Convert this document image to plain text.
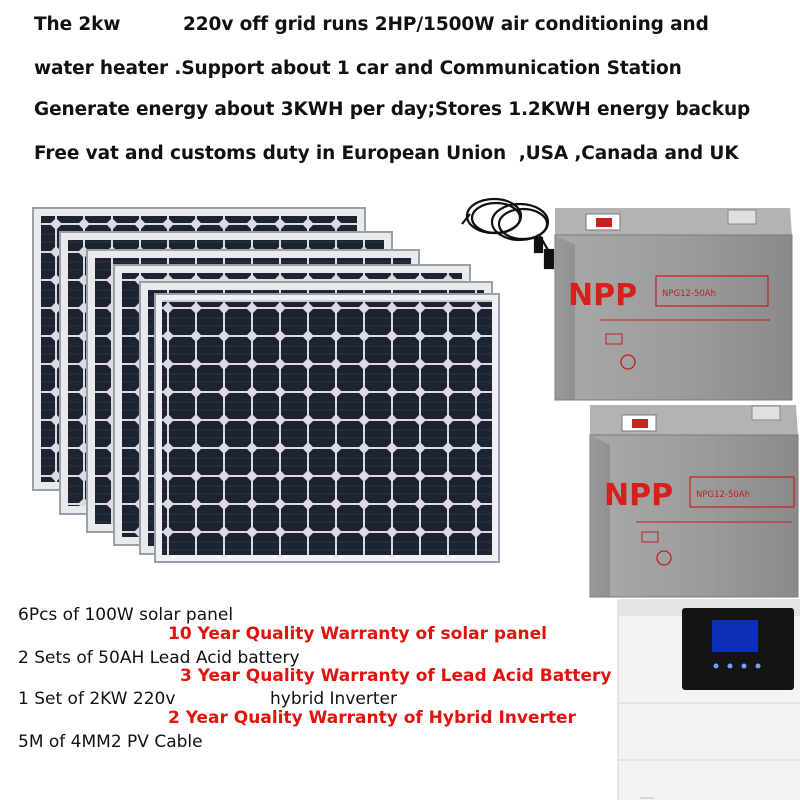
The 2kw	220v off grid runs 2HP/1500W air conditioning and
water heater .Support about 1 car and Communication Station
Generate energy about 3KWH per day;Stores 1.2KWH energy backup
Free vat and customs duty in European Union  ,USA ,Canada and UK
NPP	NPG12-50Ah
NPP	NPG12-50Ah
6Pcs of 100W solar panel
2 Sets of 50AH Lead Acid battery
1 Set of 2KW 220v	hybrid Inverter
5M of 4MM2 PV Cable
10 Year Quality Warranty of solar panel
3 Year Quality Warranty of Lead Acid Battery
2 Year Quality Warranty of Hybrid Inverter
